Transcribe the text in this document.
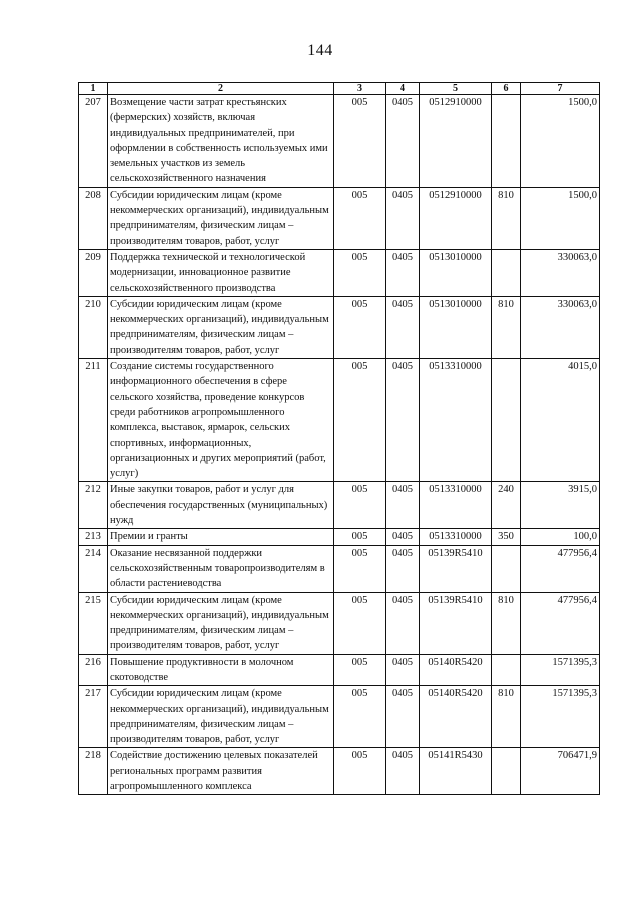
144
1	2	3	4	5	6	7
207	Возмещение части затрат крестьянских (фермерских) хозяйств, включая индивидуальных предпринимателей, при оформлении в собственность используемых ими земельных участков из земель сельскохозяйственного назначения	005	0405	0512910000		1500,0
208	Субсидии юридическим лицам (кроме некоммерческих организаций), индивидуальным предпринимателям, физическим лицам – производителям товаров, работ, услуг	005	0405	0512910000	810	1500,0
209	Поддержка технической и технологической модернизации, инновационное развитие сельскохозяйственного производства	005	0405	0513010000		330063,0
210	Субсидии юридическим лицам (кроме некоммерческих организаций), индивидуальным предпринимателям, физическим лицам – производителям товаров, работ, услуг	005	0405	0513010000	810	330063,0
211	Создание системы государственного информационного обеспечения в сфере сельского хозяйства, проведение конкурсов среди работников агропромышленного комплекса, выставок, ярмарок, сельских спортивных, информационных, организационных и других мероприятий (работ, услуг)	005	0405	0513310000		4015,0
212	Иные закупки товаров, работ и услуг для обеспечения государственных (муниципальных) нужд	005	0405	0513310000	240	3915,0
213	Премии и гранты	005	0405	0513310000	350	100,0
214	Оказание несвязанной поддержки сельскохозяйственным товаропроизводителям в области растениеводства	005	0405	05139R5410		477956,4
215	Субсидии юридическим лицам (кроме некоммерческих организаций), индивидуальным предпринимателям, физическим лицам – производителям товаров, работ, услуг	005	0405	05139R5410	810	477956,4
216	Повышение продуктивности в молочном скотоводстве	005	0405	05140R5420		1571395,3
217	Субсидии юридическим лицам (кроме некоммерческих организаций), индивидуальным предпринимателям, физическим лицам – производителям товаров, работ, услуг	005	0405	05140R5420	810	1571395,3
218	Содействие достижению целевых показателей региональных программ развития агропромышленного комплекса	005	0405	05141R5430		706471,9
